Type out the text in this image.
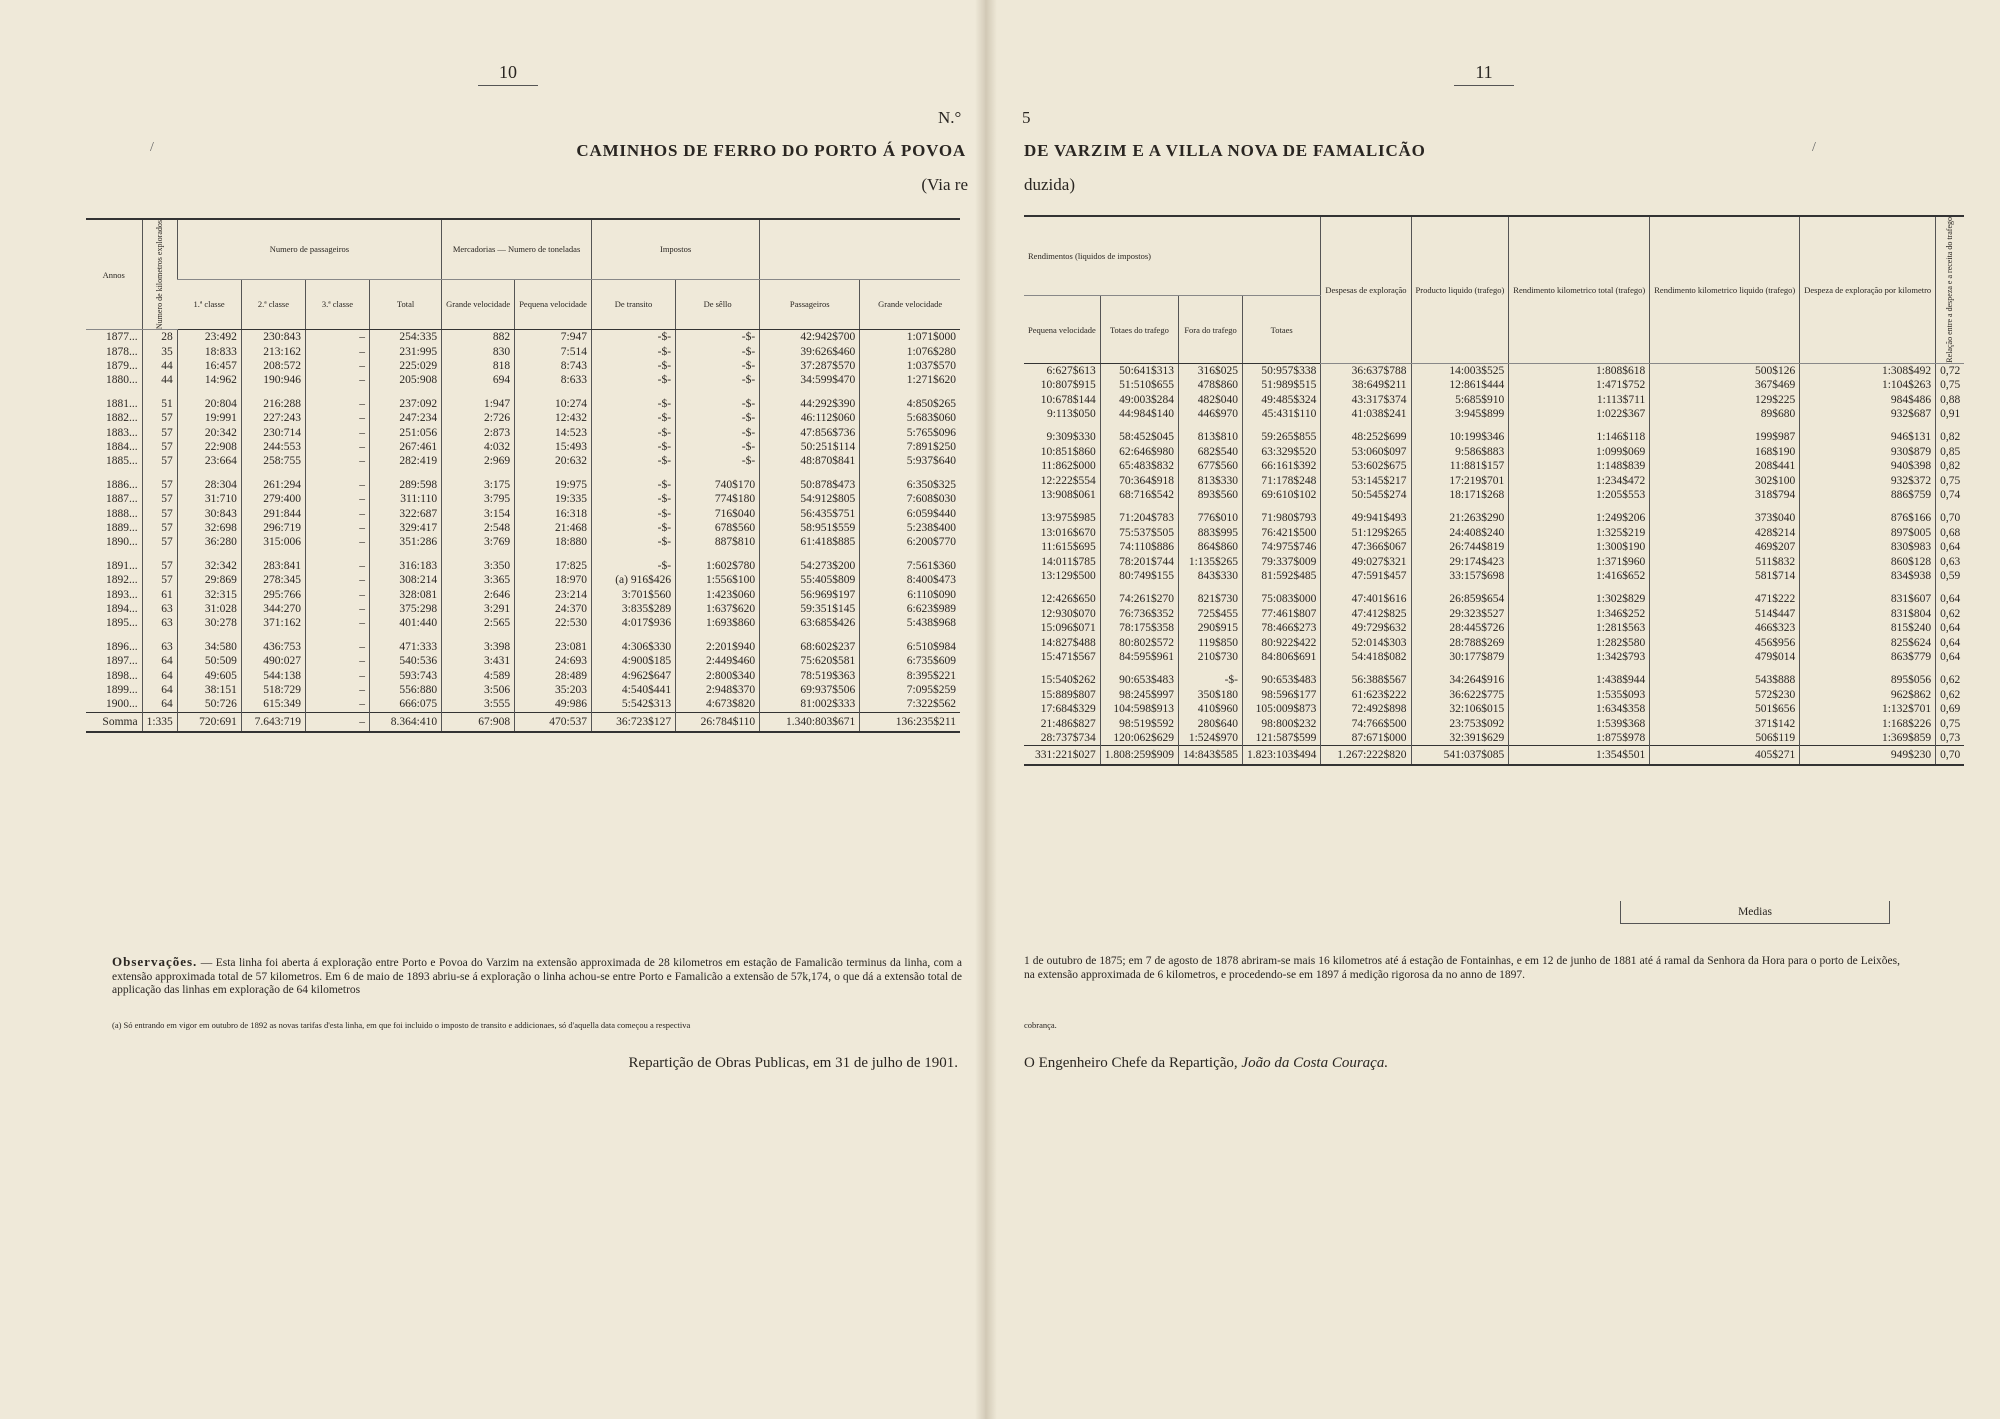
10	11
N.°	5
CAMINHOS DE FERRO DO PORTO Á POVOA	DE VARZIM E A VILLA NOVA DE FAMALICÃO
(Via re	duzida)
/	/
Annos	Numero de kilometros explorados	Numero de passageiros				Mercadorias — Numero de toneladas		Impostos			
		1.ª classe	2.ª classe	3.ª classe	Total	Grande velocidade	Pequena velocidade	De transito	De sêllo	Passageiros	Grande velocidade
1877...	28	23:492	230:843	–	254:335	882	7:947	-$-	-$-	42:942$700	1:071$000
1878...	35	18:833	213:162	–	231:995	830	7:514	-$-	-$-	39:626$460	1:076$280
1879...	44	16:457	208:572	–	225:029	818	8:743	-$-	-$-	37:287$570	1:037$570
1880...	44	14:962	190:946	–	205:908	694	8:633	-$-	-$-	34:599$470	1:271$620

1881...	51	20:804	216:288	–	237:092	1:947	10:274	-$-	-$-	44:292$390	4:850$265
1882...	57	19:991	227:243	–	247:234	2:726	12:432	-$-	-$-	46:112$060	5:683$060
1883...	57	20:342	230:714	–	251:056	2:873	14:523	-$-	-$-	47:856$736	5:765$096
1884...	57	22:908	244:553	–	267:461	4:032	15:493	-$-	-$-	50:251$114	7:891$250
1885...	57	23:664	258:755	–	282:419	2:969	20:632	-$-	-$-	48:870$841	5:937$640

1886...	57	28:304	261:294	–	289:598	3:175	19:975	-$-	740$170	50:878$473	6:350$325
1887...	57	31:710	279:400	–	311:110	3:795	19:335	-$-	774$180	54:912$805	7:608$030
1888...	57	30:843	291:844	–	322:687	3:154	16:318	-$-	716$040	56:435$751	6:059$440
1889...	57	32:698	296:719	–	329:417	2:548	21:468	-$-	678$560	58:951$559	5:238$400
1890...	57	36:280	315:006	–	351:286	3:769	18:880	-$-	887$810	61:418$885	6:200$770

1891...	57	32:342	283:841	–	316:183	3:350	17:825	-$-	1:602$780	54:273$200	7:561$360
1892...	57	29:869	278:345	–	308:214	3:365	18:970	(a) 916$426	1:556$100	55:405$809	8:400$473
1893...	61	32:315	295:766	–	328:081	2:646	23:214	3:701$560	1:423$060	56:969$197	6:110$090
1894...	63	31:028	344:270	–	375:298	3:291	24:370	3:835$289	1:637$620	59:351$145	6:623$989
1895...	63	30:278	371:162	–	401:440	2:565	22:530	4:017$936	1:693$860	63:685$426	5:438$968

1896...	63	34:580	436:753	–	471:333	3:398	23:081	4:306$330	2:201$940	68:602$237	6:510$984
1897...	64	50:509	490:027	–	540:536	3:431	24:693	4:900$185	2:449$460	75:620$581	6:735$609
1898...	64	49:605	544:138	–	593:743	4:589	28:489	4:962$647	2:800$340	78:519$363	8:395$221
1899...	64	38:151	518:729	–	556:880	3:506	35:203	4:540$441	2:948$370	69:937$506	7:095$259
1900...	64	50:726	615:349	–	666:075	3:555	49:986	5:542$313	4:673$820	81:002$333	7:322$562
Somma	1:335	720:691	7.643:719	–	8.364:410	67:908	470:537	36:723$127	26:784$110	1.340:803$671	136:235$211
Rendimentos (liquidos de impostos)				Despesas de exploração	Producto liquido (trafego)	Rendimento kilometrico total (trafego)	Rendimento kilometrico liquido (trafego)	Despeza de exploração por kilometro	Relação entre a despeza e a receita do trafego

Pequena velocidade	Totaes do trafego	Fora do trafego	Totaes						
6:627$613	50:641$313	316$025	50:957$338	36:637$788	14:003$525	1:808$618	500$126	1:308$492	0,72
10:807$915	51:510$655	478$860	51:989$515	38:649$211	12:861$444	1:471$752	367$469	1:104$263	0,75
10:678$144	49:003$284	482$040	49:485$324	43:317$374	5:685$910	1:113$711	129$225	984$486	0,88
9:113$050	44:984$140	446$970	45:431$110	41:038$241	3:945$899	1:022$367	89$680	932$687	0,91

9:309$330	58:452$045	813$810	59:265$855	48:252$699	10:199$346	1:146$118	199$987	946$131	0,82
10:851$860	62:646$980	682$540	63:329$520	53:060$097	9:586$883	1:099$069	168$190	930$879	0,85
11:862$000	65:483$832	677$560	66:161$392	53:602$675	11:881$157	1:148$839	208$441	940$398	0,82
12:222$554	70:364$918	813$330	71:178$248	53:145$217	17:219$701	1:234$472	302$100	932$372	0,75
13:908$061	68:716$542	893$560	69:610$102	50:545$274	18:171$268	1:205$553	318$794	886$759	0,74

13:975$985	71:204$783	776$010	71:980$793	49:941$493	21:263$290	1:249$206	373$040	876$166	0,70
13:016$670	75:537$505	883$995	76:421$500	51:129$265	24:408$240	1:325$219	428$214	897$005	0,68
11:615$695	74:110$886	864$860	74:975$746	47:366$067	26:744$819	1:300$190	469$207	830$983	0,64
14:011$785	78:201$744	1:135$265	79:337$009	49:027$321	29:174$423	1:371$960	511$832	860$128	0,63
13:129$500	80:749$155	843$330	81:592$485	47:591$457	33:157$698	1:416$652	581$714	834$938	0,59

12:426$650	74:261$270	821$730	75:083$000	47:401$616	26:859$654	1:302$829	471$222	831$607	0,64
12:930$070	76:736$352	725$455	77:461$807	47:412$825	29:323$527	1:346$252	514$447	831$804	0,62
15:096$071	78:175$358	290$915	78:466$273	49:729$632	28:445$726	1:281$563	466$323	815$240	0,64
14:827$488	80:802$572	119$850	80:922$422	52:014$303	28:788$269	1:282$580	456$956	825$624	0,64
15:471$567	84:595$961	210$730	84:806$691	54:418$082	30:177$879	1:342$793	479$014	863$779	0,64

15:540$262	90:653$483	-$-	90:653$483	56:388$567	34:264$916	1:438$944	543$888	895$056	0,62
15:889$807	98:245$997	350$180	98:596$177	61:623$222	36:622$775	1:535$093	572$230	962$862	0,62
17:684$329	104:598$913	410$960	105:009$873	72:492$898	32:106$015	1:634$358	501$656	1:132$701	0,69
21:486$827	98:519$592	280$640	98:800$232	74:766$500	23:753$092	1:539$368	371$142	1:168$226	0,75
28:737$734	120:062$629	1:524$970	121:587$599	87:671$000	32:391$629	1:875$978	506$119	1:369$859	0,73
331:221$027	1.808:259$909	14:843$585	1.823:103$494	1.267:222$820	541:037$085	1:354$501	405$271	949$230	0,70
Medias
Observações. — Esta linha foi aberta á exploração entre Porto e Povoa do Varzim na extensão approximada de 28 kilometros em estação de Famalicão terminus da linha, com a extensão approximada total de 57 kilometros. Em 6 de maio de 1893 abriu-se á exploração o linha achou-se entre Porto e Famalicão a extensão de 57k,174, o que dá a extensão total de applicação das linhas em exploração de 64 kilometros
1 de outubro de 1875; em 7 de agosto de 1878 abriram-se mais 16 kilometros até á estação de Fontainhas, e em 12 de junho de 1881 até á ramal da Senhora da Hora para o porto de Leixões, na extensão approximada de 6 kilometros, e procedendo-se em 1897 á medição rigorosa da no anno de 1897.
(a) Só entrando em vigor em outubro de 1892 as novas tarifas d'esta linha, em que foi incluido o imposto de transito e addicionaes, só d'aquella data começou a respectiva	cobrança.
Repartição de Obras Publicas, em 31 de julho de 1901.	O Engenheiro Chefe da Repartição, João da Costa Couraça.
